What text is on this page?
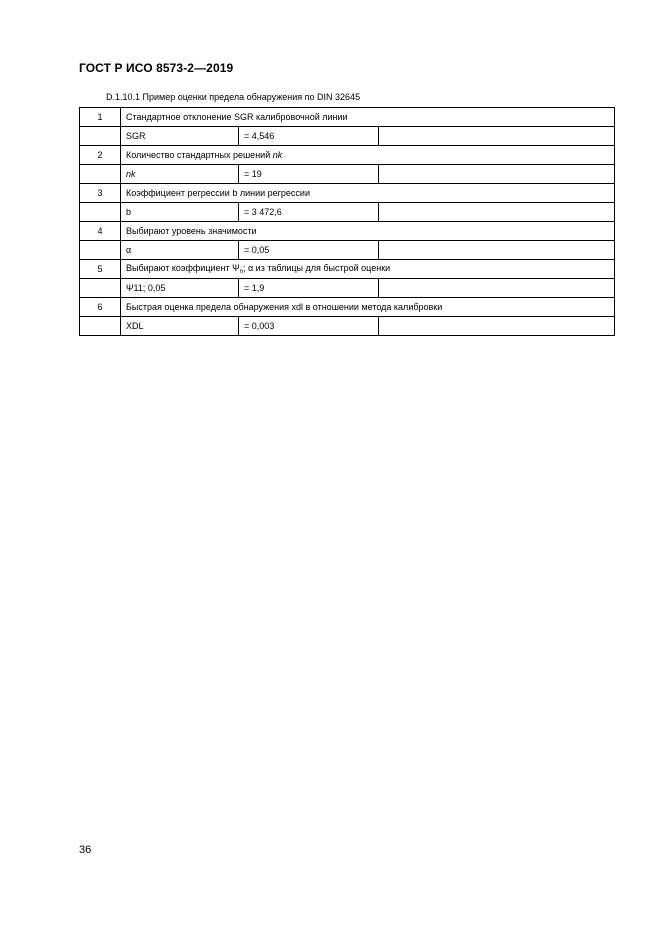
ГОСТ Р ИСО 8573-2—2019
D.1.10.1 Пример оценки предела обнаружения по DIN 32645
1	Стандартное отклонение SGR калибровочной линии		
	SGR	= 4,546	
2	Количество стандартных решений nk		
	nk	= 19	
3	Коэффициент регрессии b линии регрессии		
	b	= 3 472,6	
4	Выбирают уровень значимости		
	α	= 0,05	
5	Выбирают коэффициент $\Psi_n$; α из таблицы для быстрой оценки		
	Ψ11; 0,05	= 1,9	
6	Быстрая оценка предела обнаружения xdl в отношении метода калибровки		
	XDL	= 0,003	
36
